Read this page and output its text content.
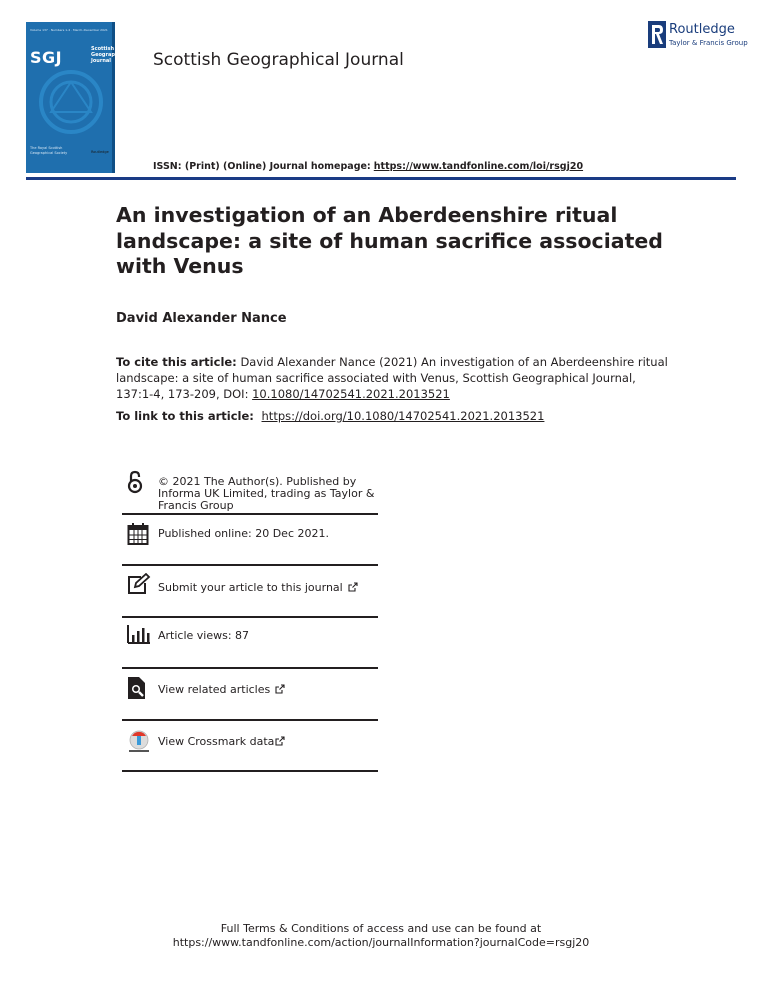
Volume 137 · Numbers 1-4 · March–December 2021
SGJ	Scottish Geographical Journal
The Royal Scottish Geographical Society	Routledge
Scottish Geographical Journal
ISSN: (Print) (Online) Journal homepage: https://www.tandfonline.com/loi/rsgj20
Routledge
Taylor & Francis Group
An investigation of an Aberdeenshire ritual landscape: a site of human sacrifice associated with Venus
David Alexander Nance
To cite this article: David Alexander Nance (2021) An investigation of an Aberdeenshire ritual landscape: a site of human sacrifice associated with Venus, Scottish Geographical Journal, 137:1-4, 173-209, DOI: 10.1080/14702541.2021.2013521
To link to this article: https://doi.org/10.1080/14702541.2021.2013521
© 2021 The Author(s). Published by Informa UK Limited, trading as Taylor & Francis Group
Published online: 20 Dec 2021.
Submit your article to this journal
Article views: 87
View related articles
View Crossmark data
Full Terms & Conditions of access and use can be found at
https://www.tandfonline.com/action/journalInformation?journalCode=rsgj20
